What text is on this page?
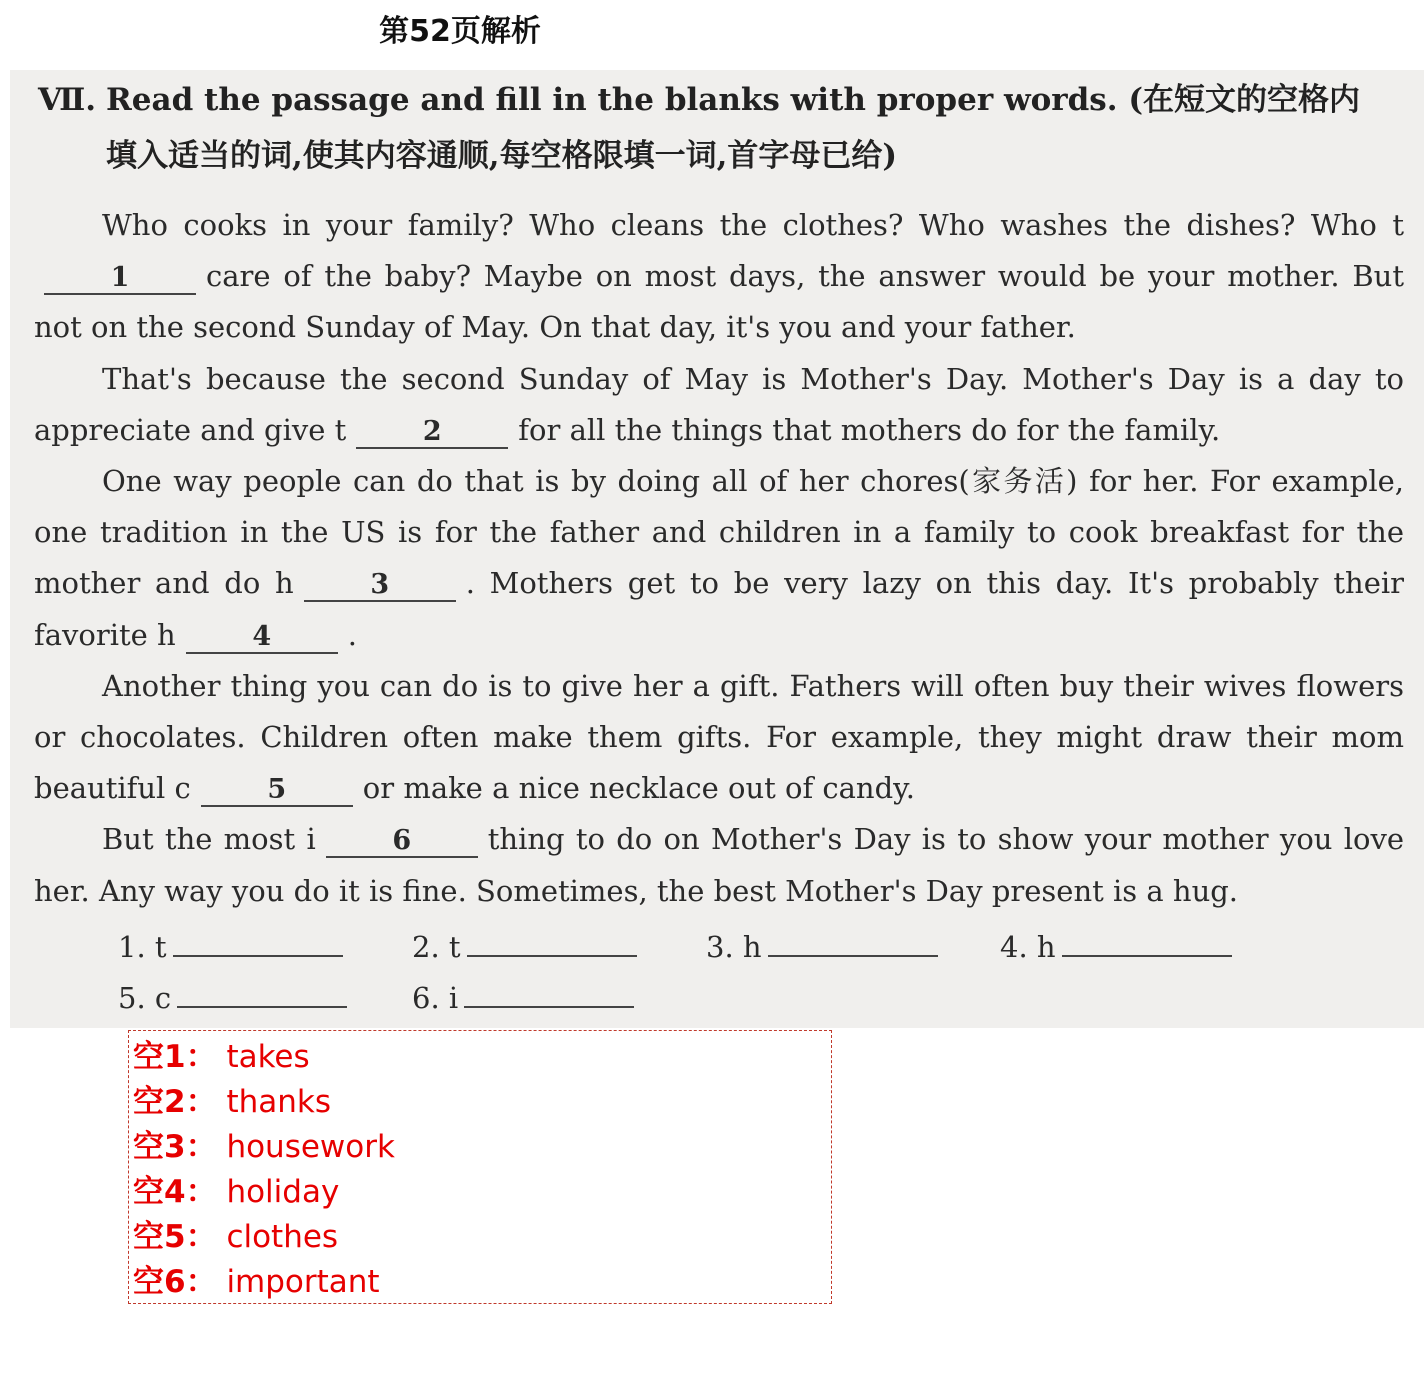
第52页解析
Ⅶ. Read the passage and fill in the blanks with proper words. (在短文的空格内
填入适当的词,使其内容通顺,每空格限填一词,首字母已给)

Who cooks in your family? Who cleans the clothes? Who washes the dishes? Who t1	care of the baby? Maybe on most days, the answer would be your mother. But not on the second Sunday of May. On that day, it's you and your father.

That's because the second Sunday of May is Mother's Day. Mother's Day is a day to appreciate and give t	2	for all the things that mothers do for the family.

One way people can do that is by doing all of her chores(家务活) for her. For example, one tradition in the US is for the father and children in a family to cook breakfast for the mother and do h	3	. Mothers get to be very lazy on this day. It's probably their favorite h	4	.

Another thing you can do is to give her a gift. Fathers will often buy their wives flowers or chocolates. Children often make them gifts. For example, they might draw their mom beautiful c	5	or make a nice necklace out of candy.

But the most i	6	thing to do on Mother's Day is to show your mother you love her. Any way you do it is fine. Sometimes, the best Mother's Day present is a hug.

1. t	2. t	3. h	4. h
5. c	6. i
空1： takes
空2： thanks
空3： housework
空4： holiday
空5： clothes
空6： important
